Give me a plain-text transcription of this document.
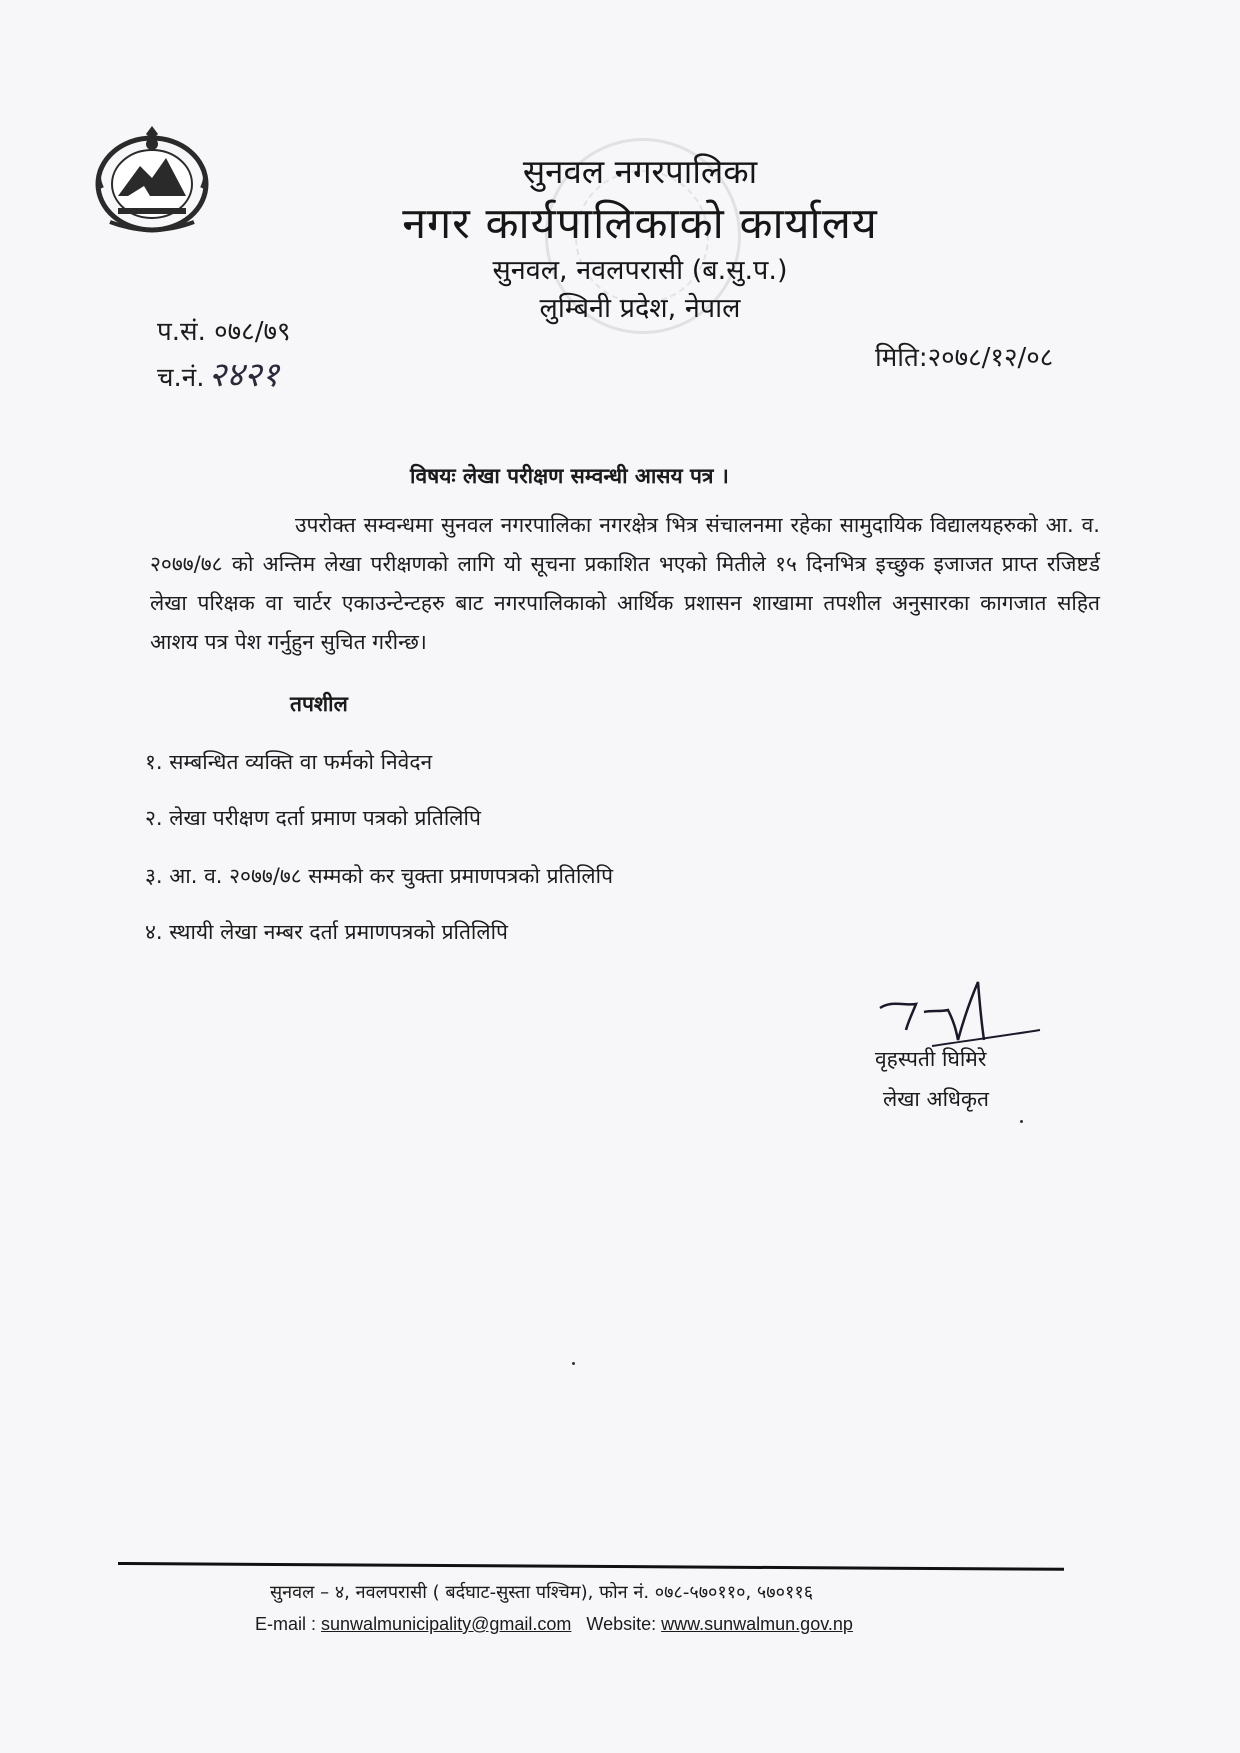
सुनवल नगरपालिका
नगर कार्यपालिकाको कार्यालय
सुनवल, नवलपरासी (ब.सु.प.)
लुम्बिनी प्रदेश, नेपाल
प.सं. ०७८/७९
च.नं. २४२१	मिति:२०७८/१२/०८
विषयः लेखा परीक्षण सम्वन्धी आसय पत्र ।
उपरोक्त सम्वन्धमा सुनवल नगरपालिका नगरक्षेत्र भित्र संचालनमा रहेका सामुदायिक विद्यालयहरुको आ. व. २०७७/७८ को अन्तिम लेखा परीक्षणको लागि यो सूचना प्रकाशित भएको मितीले १५ दिनभित्र इच्छुक इजाजत प्राप्त रजिष्टर्ड लेखा परिक्षक वा चार्टर एकाउन्टेन्टहरु बाट नगरपालिकाको आर्थिक प्रशासन शाखामा तपशील अनुसारका कागजात सहित आशय पत्र पेश गर्नुहुन सुचित गरीन्छ।
तपशील
१. सम्बन्धित व्यक्ति वा फर्मको निवेदन
२. लेखा परीक्षण दर्ता प्रमाण पत्रको प्रतिलिपि
३. आ. व. २०७७/७८ सम्मको कर चुक्ता प्रमाणपत्रको प्रतिलिपि
४. स्थायी लेखा नम्बर दर्ता प्रमाणपत्रको प्रतिलिपि
वृहस्पती घिमिरे
लेखा अधिकृत
सुनवल – ४, नवलपरासी ( बर्दघाट-सुस्ता पश्चिम), फोन नं. ०७८-५७०११०, ५७०११६
E-mail : sunwalmunicipality@gmail.com Website: www.sunwalmun.gov.np
